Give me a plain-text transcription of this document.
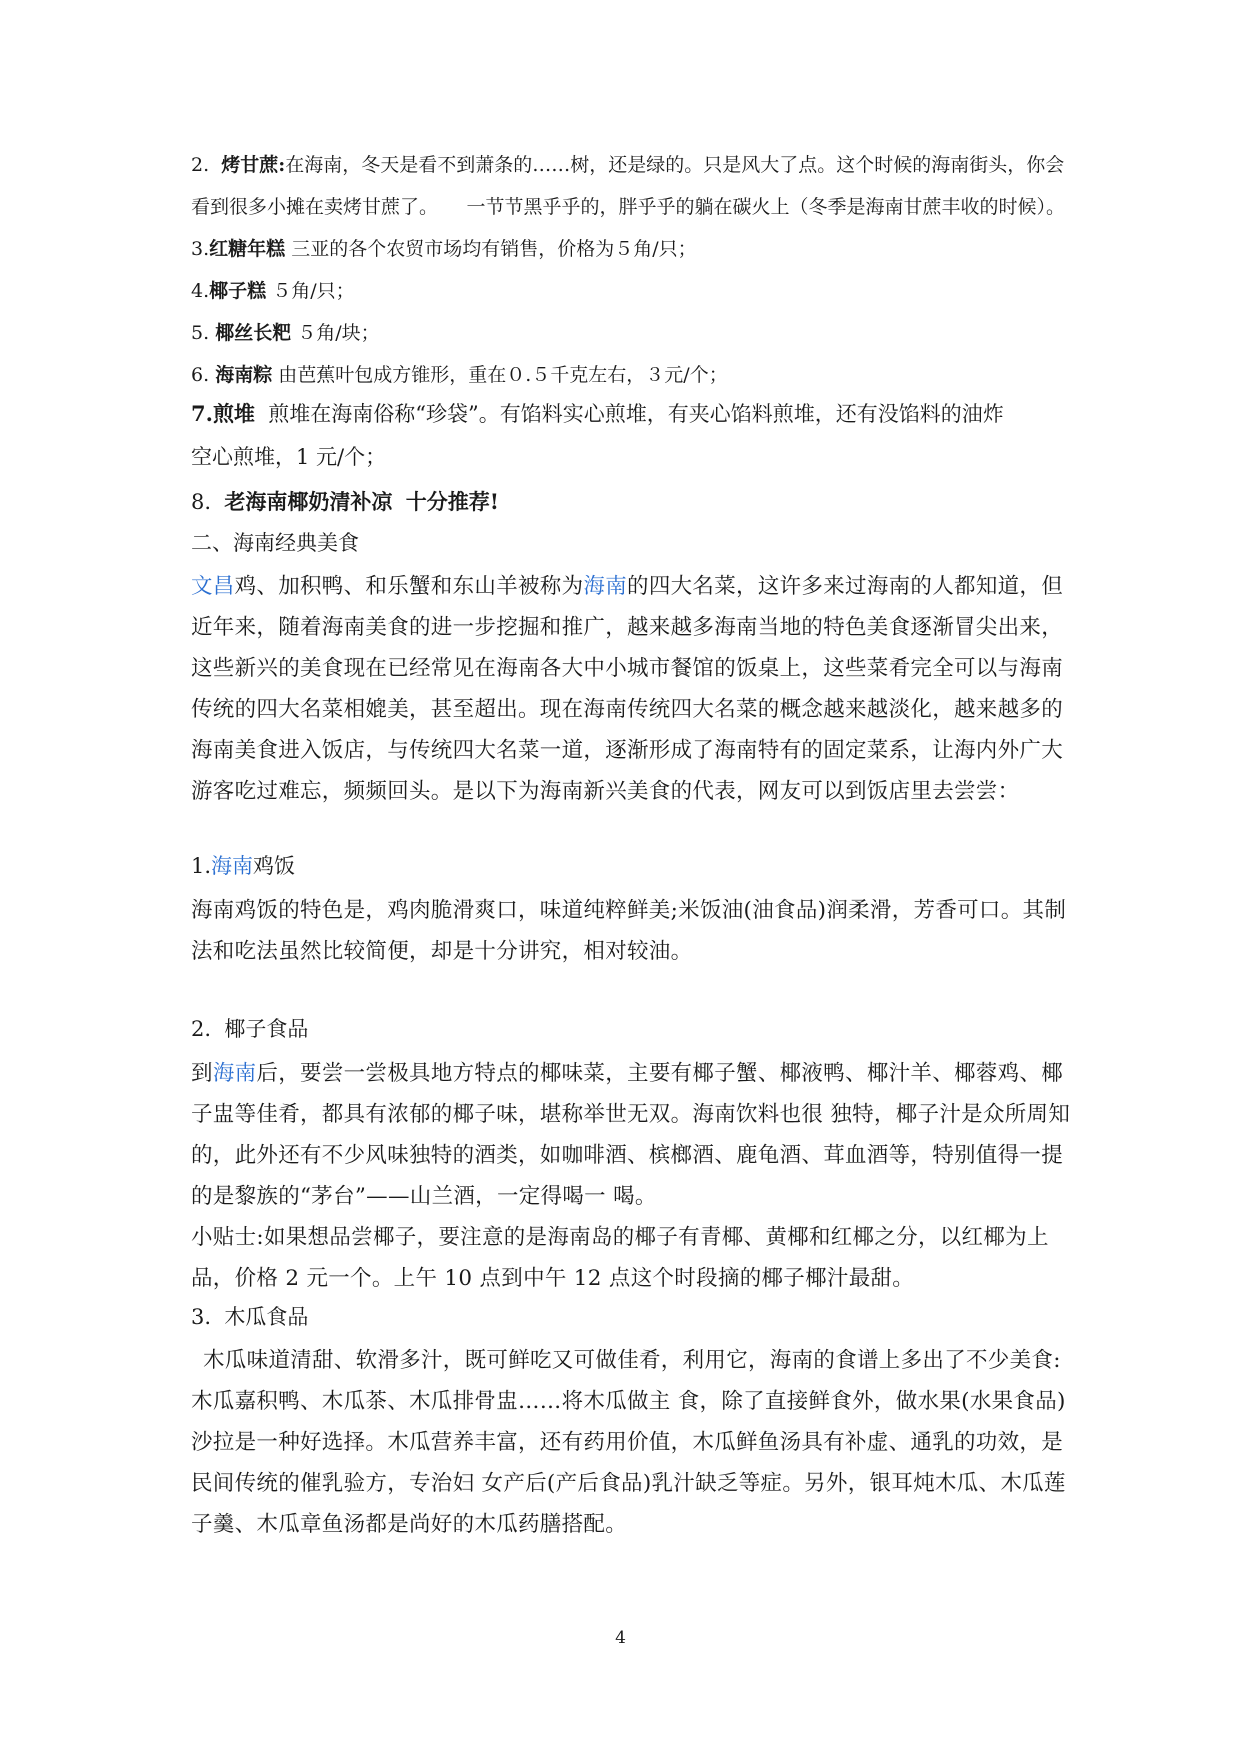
2. 烤甘蔗:在海南，冬天是看不到萧条的……树，还是绿的。只是风大了点。这个时候的海南街头，你会
看到很多小摊在卖烤甘蔗了。　　一节节黑乎乎的，胖乎乎的躺在碳火上（冬季是海南甘蔗丰收的时候）。
3.红糖年糕 三亚的各个农贸市场均有销售，价格为５角/只；
4.椰子糕 ５角/只；
5. 椰丝长粑 ５角/块；
6. 海南粽 由芭蕉叶包成方锥形，重在０.５千克左右，３元/个；
7.煎堆 煎堆在海南俗称“珍袋”。有馅料实心煎堆，有夹心馅料煎堆，还有没馅料的油炸
空心煎堆，1 元/个；
8. 老海南椰奶清补凉 十分推荐!
二、海南经典美食
文昌鸡、加积鸭、和乐蟹和东山羊被称为海南的四大名菜，这许多来过海南的人都知道，但近年来，随着海南美食的进一步挖掘和推广，越来越多海南当地的特色美食逐渐冒尖出来，这些新兴的美食现在已经常见在海南各大中小城市餐馆的饭桌上，这些菜肴完全可以与海南传统的四大名菜相媲美，甚至超出。现在海南传统四大名菜的概念越来越淡化，越来越多的海南美食进入饭店，与传统四大名菜一道，逐渐形成了海南特有的固定菜系，让海内外广大游客吃过难忘，频频回头。是以下为海南新兴美食的代表，网友可以到饭店里去尝尝：
1.海南鸡饭
海南鸡饭的特色是，鸡肉脆滑爽口，味道纯粹鲜美;米饭油(油食品)润柔滑，芳香可口。其制法和吃法虽然比较简便，却是十分讲究，相对较油。
2. 椰子食品
到海南后，要尝一尝极具地方特点的椰味菜，主要有椰子蟹、椰液鸭、椰汁羊、椰蓉鸡、椰子盅等佳肴，都具有浓郁的椰子味，堪称举世无双。海南饮料也很 独特，椰子汁是众所周知的，此外还有不少风味独特的酒类，如咖啡酒、槟榔酒、鹿龟酒、茸血酒等，特别值得一提的是黎族的“茅台”——山兰酒，一定得喝一 喝。
小贴士:如果想品尝椰子，要注意的是海南岛的椰子有青椰、黄椰和红椰之分，以红椰为上品，价格 2 元一个。上午 10 点到中午 12 点这个时段摘的椰子椰汁最甜。
3. 木瓜食品
木瓜味道清甜、软滑多汁，既可鲜吃又可做佳肴，利用它，海南的食谱上多出了不少美食:木瓜嘉积鸭、木瓜茶、木瓜排骨盅……将木瓜做主 食，除了直接鲜食外，做水果(水果食品)沙拉是一种好选择。木瓜营养丰富，还有药用价值，木瓜鲜鱼汤具有补虚、通乳的功效，是民间传统的催乳验方，专治妇 女产后(产后食品)乳汁缺乏等症。另外，银耳炖木瓜、木瓜莲子羹、木瓜章鱼汤都是尚好的木瓜药膳搭配。
4
